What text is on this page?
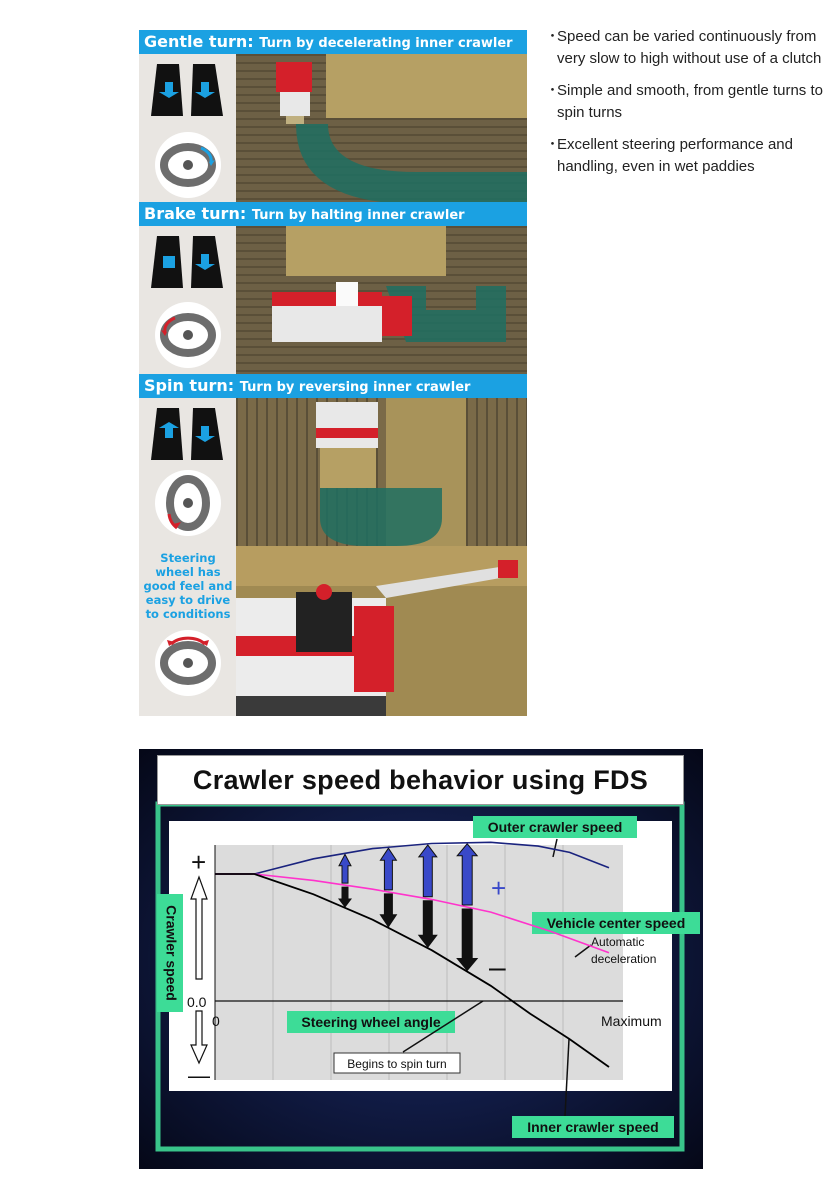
Gentle turn: Turn by decelerating inner crawler
Brake turn: Turn by halting inner crawler
Spin turn: Turn by reversing inner crawler
Steering wheel has good feel and easy to drive to conditions
・
Speed can be varied continuously from very slow to high without use of a clutch
・
Simple and smooth, from gentle turns to spin turns
・
Excellent steering performance and handling, even in wet paddies
Crawler speed behavior using FDS
+
—
0.0
0	Maximum
Crawler speed
Outer crawler speed
Vehicle center speed
Steering wheel angle
Inner crawler speed
Automatic
deceleration
Begins to spin turn
+
–
